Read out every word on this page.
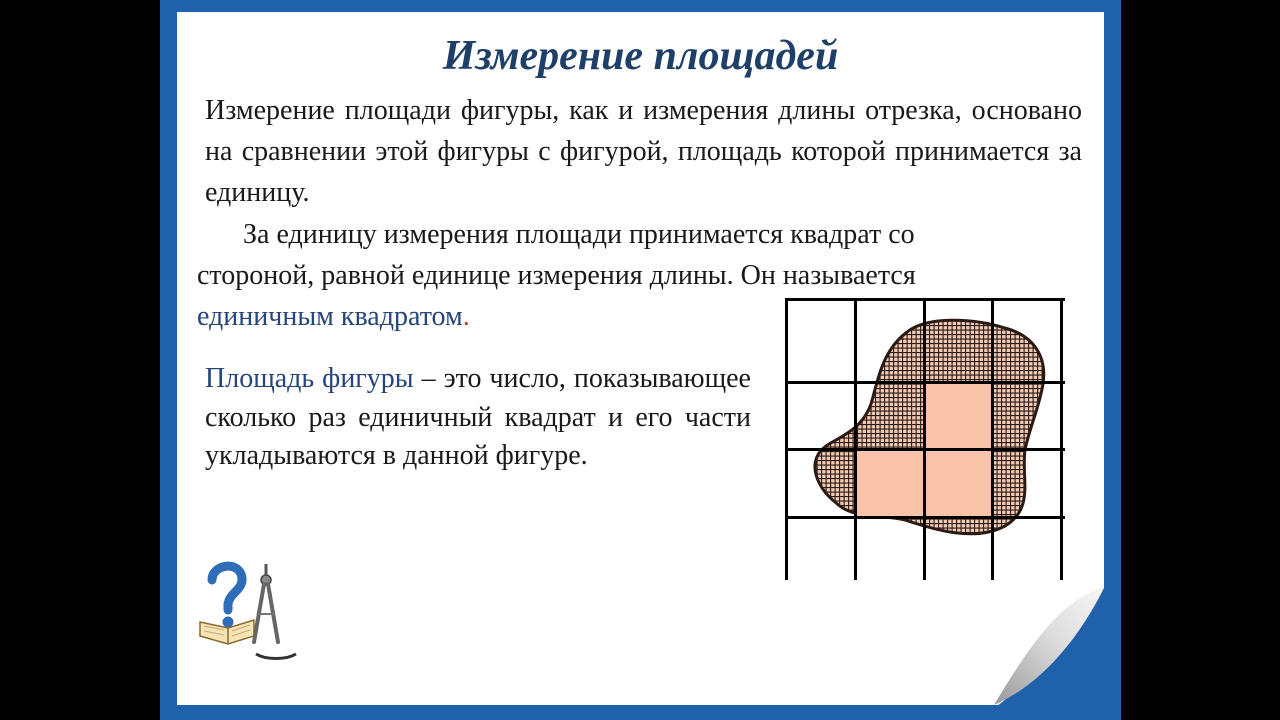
Измерение площадей
Измерение площади фигуры, как и измерения длины отрезка, основано на сравнении этой фигуры с фигурой, площадь которой принимается за единицу.
За единицу измерения площади принимается квадрат со
стороной, равной единице измерения длины. Он называется
единичным квадратом.
Площадь фигуры – это число, показывающее сколько раз единичный квадрат и его части укладываются в данной фигуре.
